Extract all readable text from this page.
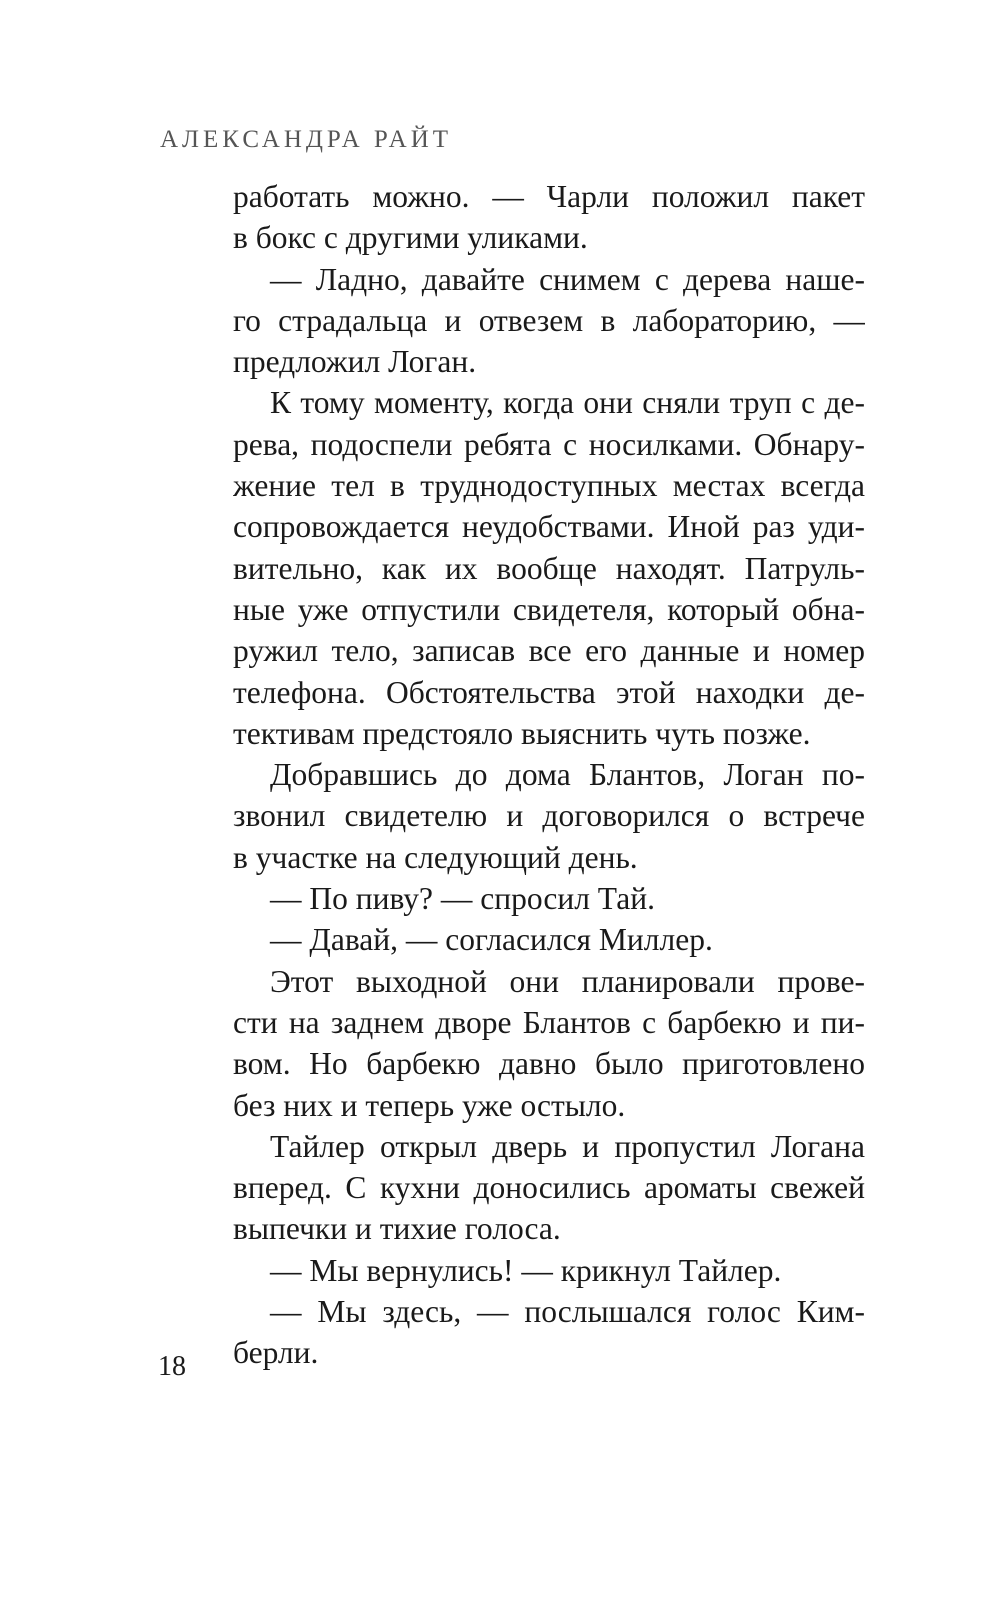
АЛЕКСАНДРА РАЙТ
работать можно. — Чарли положил пакет
в бокс с другими уликами.
— Ладно, давайте снимем с дерева наше-
го страдальца и отвезем в лабораторию, —
предложил Логан.
К тому моменту, когда они сняли труп с де-
рева, подоспели ребята с носилками. Обнару-
жение тел в труднодоступных местах всегда
сопровождается неудобствами. Иной раз уди-
вительно, как их вообще находят. Патруль-
ные уже отпустили свидетеля, который обна-
ружил тело, записав все его данные и номер
телефона. Обстоятельства этой находки де-
тективам предстояло выяснить чуть позже.
Добравшись до дома Блантов, Логан по-
звонил свидетелю и договорился о встрече
в участке на следующий день.
— По пиву? — спросил Тай.
— Давай, — согласился Миллер.
Этот выходной они планировали прове-
сти на заднем дворе Блантов с барбекю и пи-
вом. Но барбекю давно было приготовлено
без них и теперь уже остыло.
Тайлер открыл дверь и пропустил Логана
вперед. С кухни доносились ароматы свежей
выпечки и тихие голоса.
— Мы вернулись! — крикнул Тайлер.
— Мы здесь, — послышался голос Ким-
берли.
18
